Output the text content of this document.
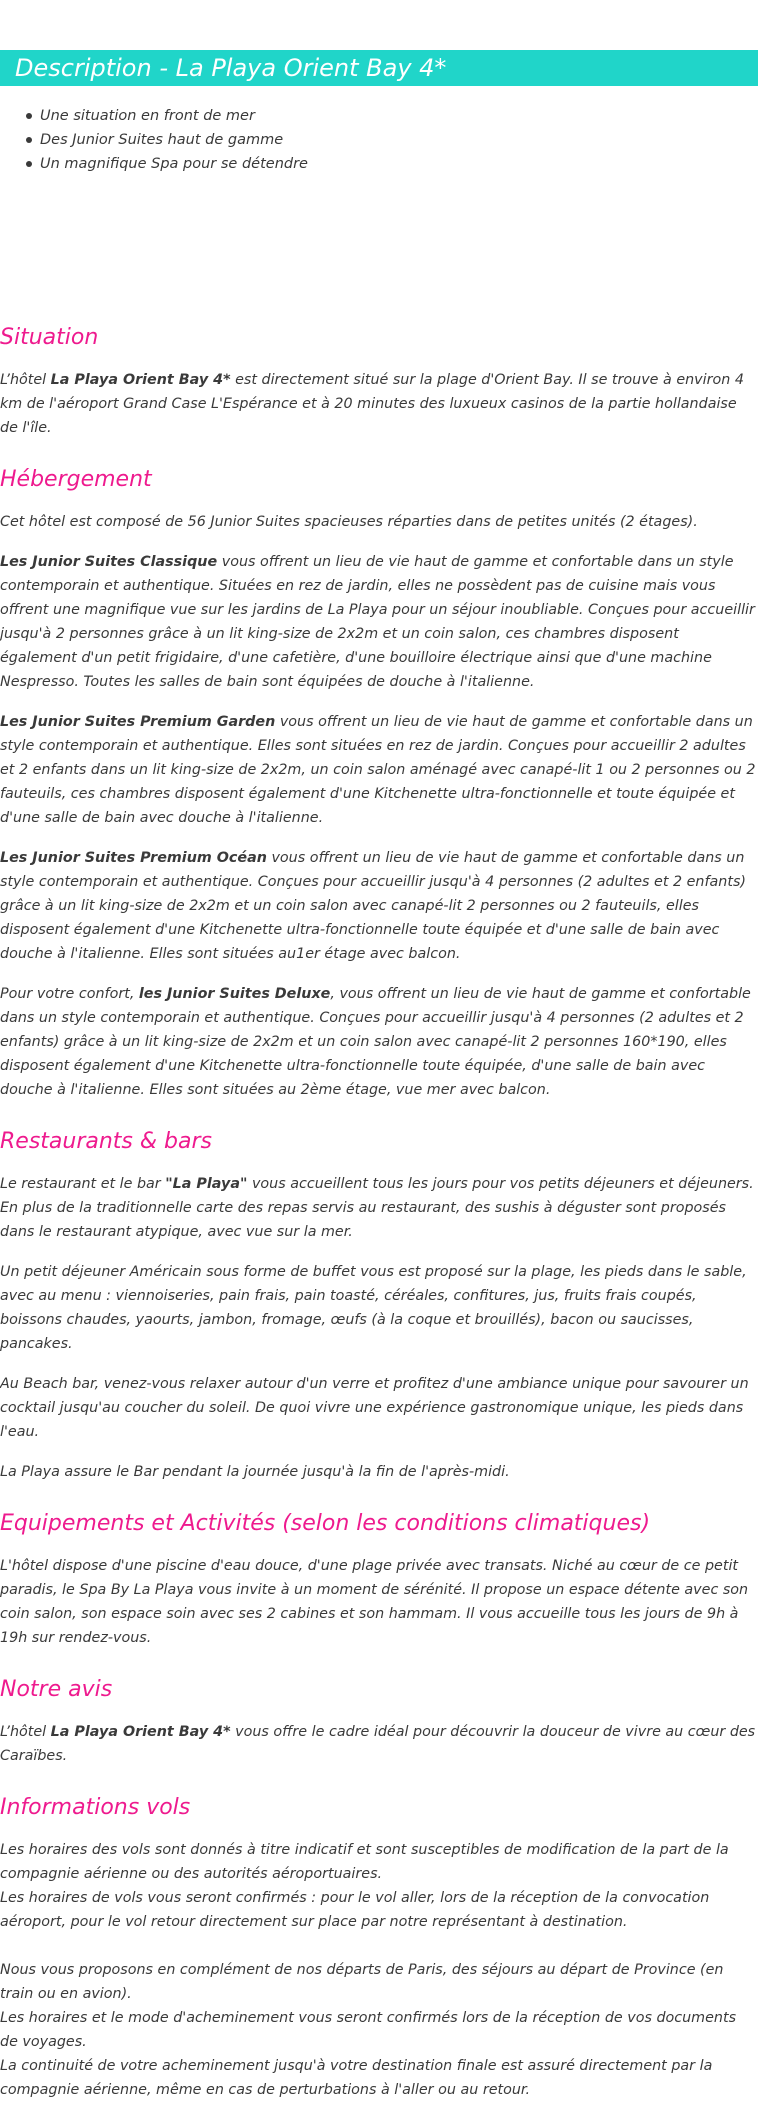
Description - La Playa Orient Bay 4*
Une situation en front de mer
Des Junior Suites haut de gamme
Un magnifique Spa pour se détendre
Situation

L’hôtel La Playa Orient Bay 4* est directement situé sur la plage d'Orient Bay. Il se trouve à environ 4 km de l'aéroport Grand Case L'Espérance et à 20 minutes des luxueux casinos de la partie hollandaise de l'île.

Hébergement

Cet hôtel est composé de 56 Junior Suites spacieuses réparties dans de petites unités (2 étages).

Les Junior Suites Classique vous offrent un lieu de vie haut de gamme et confortable dans un style contemporain et authentique. Situées en rez de jardin, elles ne possèdent pas de cuisine mais vous offrent une magnifique vue sur les jardins de La Playa pour un séjour inoubliable. Conçues pour accueillir jusqu'à 2 personnes grâce à un lit king-size de 2x2m et un coin salon, ces chambres disposent également d'un petit frigidaire, d'une cafetière, d'une bouilloire électrique ainsi que d'une machine Nespresso. Toutes les salles de bain sont équipées de douche à l'italienne.

Les Junior Suites Premium Garden vous offrent un lieu de vie haut de gamme et confortable dans un style contemporain et authentique. Elles sont situées en rez de jardin. Conçues pour accueillir 2 adultes et 2 enfants dans un lit king-size de 2x2m, un coin salon aménagé avec canapé-lit 1 ou 2 personnes ou 2 fauteuils, ces chambres disposent également d'une Kitchenette ultra-fonctionnelle et toute équipée et d'une salle de bain avec douche à l'italienne.

Les Junior Suites Premium Océan vous offrent un lieu de vie haut de gamme et confortable dans un style contemporain et authentique. Conçues pour accueillir jusqu'à 4 personnes (2 adultes et 2 enfants) grâce à un lit king-size de 2x2m et un coin salon avec canapé-lit 2 personnes ou 2 fauteuils, elles disposent également d'une Kitchenette ultra-fonctionnelle toute équipée et d'une salle de bain avec douche à l'italienne. Elles sont situées au1er étage avec balcon.

Pour votre confort, les Junior Suites Deluxe, vous offrent un lieu de vie haut de gamme et confortable dans un style contemporain et authentique. Conçues pour accueillir jusqu'à 4 personnes (2 adultes et 2 enfants) grâce à un lit king-size de 2x2m et un coin salon avec canapé-lit 2 personnes 160*190, elles disposent également d'une Kitchenette ultra-fonctionnelle toute équipée, d'une salle de bain avec douche à l'italienne. Elles sont situées au 2ème étage, vue mer avec balcon.

Restaurants & bars

Le restaurant et le bar "La Playa" vous accueillent tous les jours pour vos petits déjeuners et déjeuners. En plus de la traditionnelle carte des repas servis au restaurant, des sushis à déguster sont proposés dans le restaurant atypique, avec vue sur la mer.

Un petit déjeuner Américain sous forme de buffet vous est proposé sur la plage, les pieds dans le sable, avec au menu : viennoiseries, pain frais, pain toasté, céréales, confitures, jus, fruits frais coupés, boissons chaudes, yaourts, jambon, fromage, œufs (à la coque et brouillés), bacon ou saucisses, pancakes.

Au Beach bar, venez-vous relaxer autour d'un verre et profitez d'une ambiance unique pour savourer un cocktail jusqu'au coucher du soleil. De quoi vivre une expérience gastronomique unique, les pieds dans l'eau.

La Playa assure le Bar pendant la journée jusqu'à la fin de l'après-midi.

Equipements et Activités (selon les conditions climatiques)

L'hôtel dispose d'une piscine d'eau douce, d'une plage privée avec transats. Niché au cœur de ce petit paradis, le Spa By La Playa vous invite à un moment de sérénité. Il propose un espace détente avec son coin salon, son espace soin avec ses 2 cabines et son hammam. Il vous accueille tous les jours de 9h à 19h sur rendez-vous.

Notre avis

L’hôtel La Playa Orient Bay 4* vous offre le cadre idéal pour découvrir la douceur de vivre au cœur des Caraïbes.

Informations vols

Les horaires des vols sont donnés à titre indicatif et sont susceptibles de modification de la part de la compagnie aérienne ou des autorités aéroportuaires.
Les horaires de vols vous seront confirmés : pour le vol aller, lors de la réception de la convocation aéroport, pour le vol retour directement sur place par notre représentant à destination.

Nous vous proposons en complément de nos départs de Paris, des séjours au départ de Province (en train ou en avion).
Les horaires et le mode d'acheminement vous seront confirmés lors de la réception de vos documents de voyages.
La continuité de votre acheminement jusqu'à votre destination finale est assuré directement par la compagnie aérienne, même en cas de perturbations à l'aller ou au retour.
